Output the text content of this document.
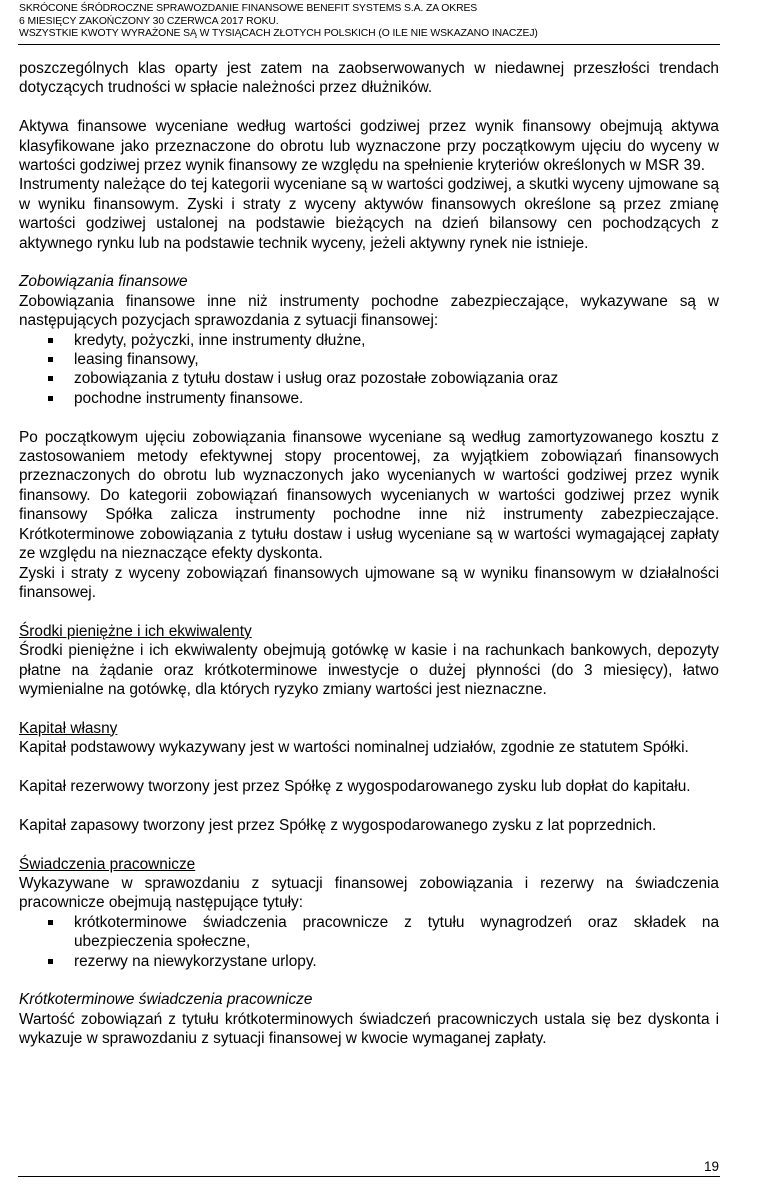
SKRÓCONE ŚRÓDROCZNE SPRAWOZDANIE FINANSOWE BENEFIT SYSTEMS S.A. ZA OKRES
6 MIESIĘCY ZAKOŃCZONY 30 CZERWCA 2017 ROKU.
WSZYSTKIE KWOTY WYRAŻONE SĄ W TYSIĄCACH ZŁOTYCH POLSKICH (O ILE NIE WSKAZANO INACZEJ)

poszczególnych klas oparty jest zatem na zaobserwowanych w niedawnej przeszłości trendach dotyczących trudności w spłacie należności przez dłużników.

Aktywa finansowe wyceniane według wartości godziwej przez wynik finansowy obejmują aktywa klasyfikowane jako przeznaczone do obrotu lub wyznaczone przy początkowym ujęciu do wyceny w wartości godziwej przez wynik finansowy ze względu na spełnienie kryteriów określonych w MSR 39.

Instrumenty należące do tej kategorii wyceniane są w wartości godziwej, a skutki wyceny ujmowane są w wyniku finansowym. Zyski i straty z wyceny aktywów finansowych określone są przez zmianę wartości godziwej ustalonej na podstawie bieżących na dzień bilansowy cen pochodzących z aktywnego rynku lub na podstawie technik wyceny, jeżeli aktywny rynek nie istnieje.

Zobowiązania finansowe

Zobowiązania finansowe inne niż instrumenty pochodne zabezpieczające, wykazywane są w następujących pozycjach sprawozdania z sytuacji finansowej:

kredyty, pożyczki, inne instrumenty dłużne,
leasing finansowy,
zobowiązania z tytułu dostaw i usług oraz pozostałe zobowiązania oraz
pochodne instrumenty finansowe.

Po początkowym ujęciu zobowiązania finansowe wyceniane są według zamortyzowanego kosztu z zastosowaniem metody efektywnej stopy procentowej, za wyjątkiem zobowiązań finansowych przeznaczonych do obrotu lub wyznaczonych jako wycenianych w wartości godziwej przez wynik finansowy. Do kategorii zobowiązań finansowych wycenianych w wartości godziwej przez wynik finansowy Spółka zalicza instrumenty pochodne inne niż instrumenty zabezpieczające. Krótkoterminowe zobowiązania z tytułu dostaw i usług wyceniane są w wartości wymagającej zapłaty ze względu na nieznaczące efekty dyskonta.

Zyski i straty z wyceny zobowiązań finansowych ujmowane są w wyniku finansowym w działalności finansowej.

Środki pieniężne i ich ekwiwalenty

Środki pieniężne i ich ekwiwalenty obejmują gotówkę w kasie i na rachunkach bankowych, depozyty płatne na żądanie oraz krótkoterminowe inwestycje o dużej płynności (do 3 miesięcy), łatwo wymienialne na gotówkę, dla których ryzyko zmiany wartości jest nieznaczne.

Kapitał własny

Kapitał podstawowy wykazywany jest w wartości nominalnej udziałów, zgodnie ze statutem Spółki.

Kapitał rezerwowy tworzony jest przez Spółkę z wygospodarowanego zysku lub dopłat do kapitału.

Kapitał zapasowy tworzony jest przez Spółkę z wygospodarowanego zysku z lat poprzednich.

Świadczenia pracownicze

Wykazywane w sprawozdaniu z sytuacji finansowej zobowiązania i rezerwy na świadczenia pracownicze obejmują następujące tytuły:

krótkoterminowe świadczenia pracownicze z tytułu wynagrodzeń oraz składek na ubezpieczenia społeczne,
rezerwy na niewykorzystane urlopy.

Krótkoterminowe świadczenia pracownicze

Wartość zobowiązań z tytułu krótkoterminowych świadczeń pracowniczych ustala się bez dyskonta i wykazuje w sprawozdaniu z sytuacji finansowej w kwocie wymaganej zapłaty.

19
